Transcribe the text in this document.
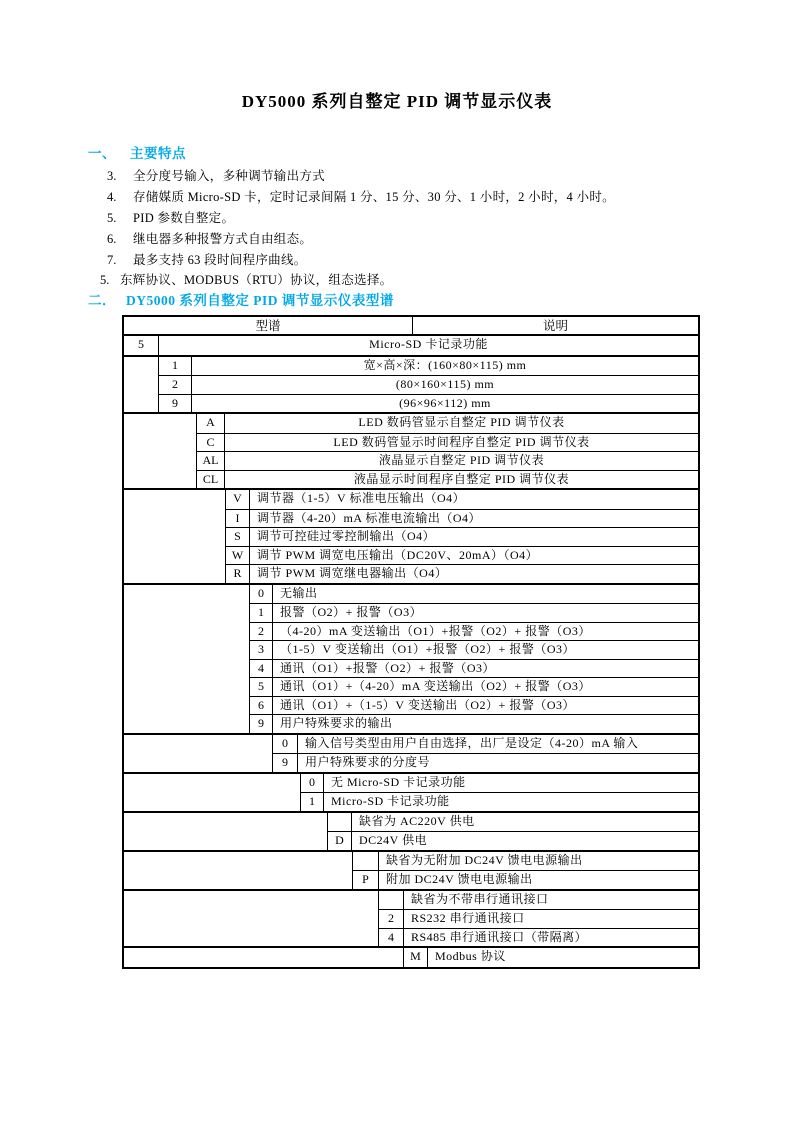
DY5000 系列自整定 PID 调节显示仪表
一、 主要特点
3. 全分度号输入，多种调节输出方式
4. 存储媒质 Micro-SD 卡，定时记录间隔 1 分、15 分、30 分、1 小时，2 小时，4 小时。
5. PID 参数自整定。
6. 继电器多种报警方式自由组态。
7. 最多支持 63 段时间程序曲线。
5. 东辉协议、MODBUS（RTU）协议，组态选择。
二． DY5000 系列自整定 PID 调节显示仪表型谱
型谱	说明
5	Micro-SD 卡记录功能
1	宽×高×深：(160×80×115) mm
2	(80×160×115) mm
9	(96×96×112) mm
A	LED 数码管显示自整定 PID 调节仪表
C	LED 数码管显示时间程序自整定 PID 调节仪表
AL	液晶显示自整定 PID 调节仪表
CL	液晶显示时间程序自整定 PID 调节仪表
V	调节器（1-5）V 标准电压输出（O4）
I	调节器（4-20）mA 标准电流输出（O4）
S	调节可控硅过零控制输出（O4）
W	调节 PWM 调宽电压输出（DC20V、20mA）（O4）
R	调节 PWM 调宽继电器输出（O4）
0	无输出
1	报警（O2）+ 报警（O3）
2	（4-20）mA 变送输出（O1）+报警（O2）+ 报警（O3）
3	（1-5）V 变送输出（O1）+报警（O2）+ 报警（O3）
4	通讯（O1）+报警（O2）+ 报警（O3）
5	通讯（O1）+（4-20）mA 变送输出（O2）+ 报警（O3）
6	通讯（O1）+（1-5）V 变送输出（O2）+ 报警（O3）
9	用户特殊要求的输出
0	输入信号类型由用户自由选择，出厂是设定（4-20）mA 输入
9	用户特殊要求的分度号
0	无 Micro-SD 卡记录功能
1	Micro-SD 卡记录功能
缺省为 AC220V 供电
D	DC24V 供电
缺省为无附加 DC24V 馈电电源输出
P	附加 DC24V 馈电电源输出
缺省为不带串行通讯接口
2	RS232 串行通讯接口
4	RS485 串行通讯接口（带隔离）
M	Modbus 协议
